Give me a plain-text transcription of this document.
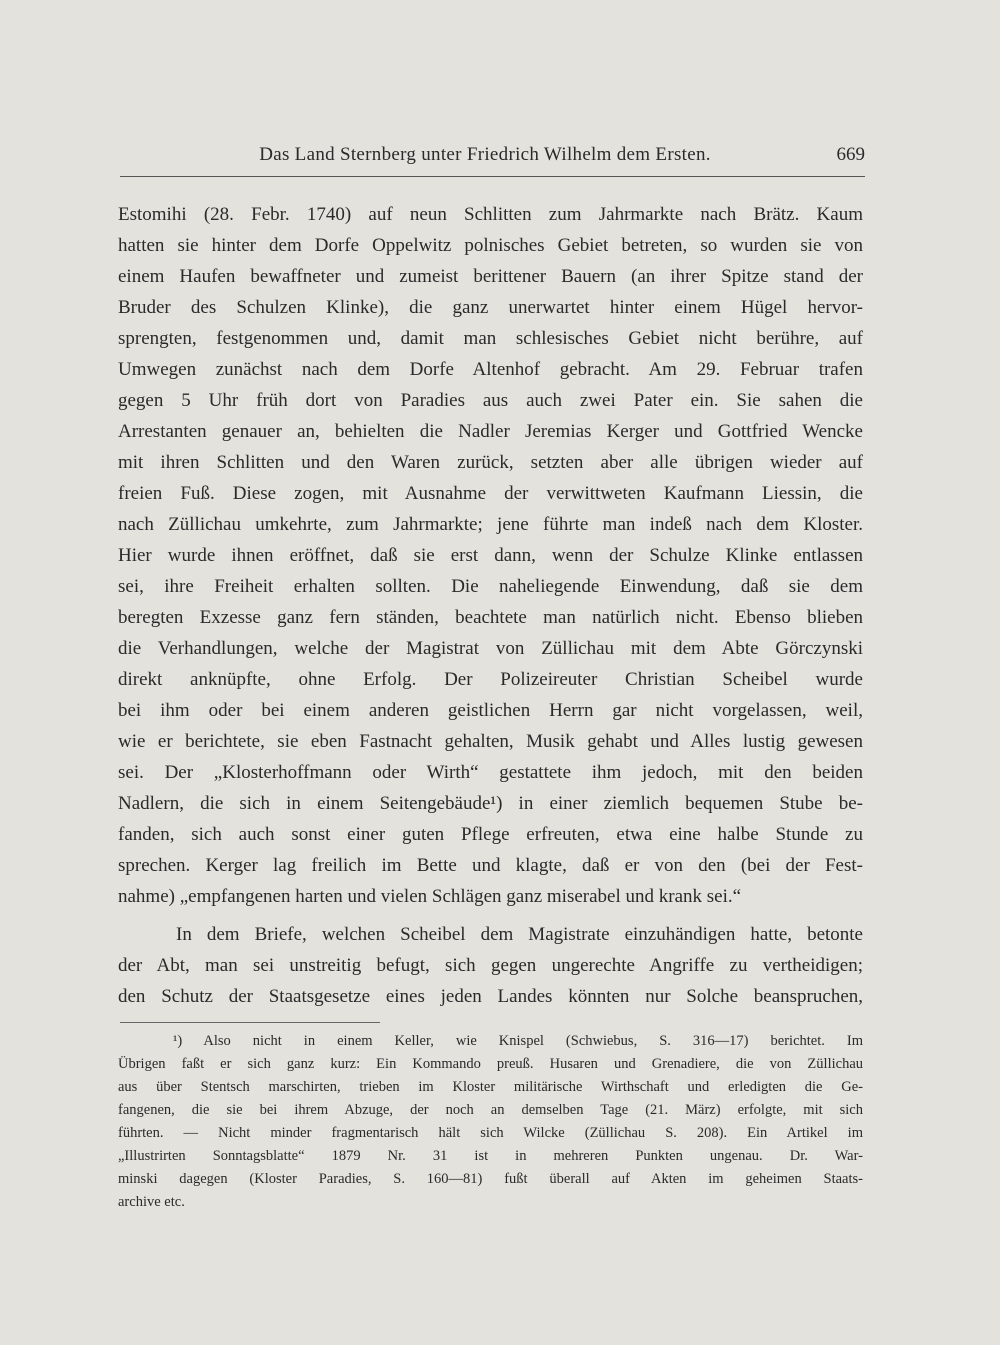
Das Land Sternberg unter Friedrich Wilhelm dem Ersten.	669
Estomihi (28. Febr. 1740) auf neun Schlitten zum Jahrmarkte nach Brätz. Kaum
hatten sie hinter dem Dorfe Oppelwitz polnisches Gebiet betreten, so wurden sie von
einem Haufen bewaffneter und zumeist berittener Bauern (an ihrer Spitze stand der
Bruder des Schulzen Klinke), die ganz unerwartet hinter einem Hügel hervor-
sprengten, festgenommen und, damit man schlesisches Gebiet nicht berühre, auf
Umwegen zunächst nach dem Dorfe Altenhof gebracht. Am 29. Februar trafen
gegen 5 Uhr früh dort von Paradies aus auch zwei Pater ein. Sie sahen die
Arrestanten genauer an, behielten die Nadler Jeremias Kerger und Gottfried Wencke
mit ihren Schlitten und den Waren zurück, setzten aber alle übrigen wieder auf
freien Fuß. Diese zogen, mit Ausnahme der verwittweten Kaufmann Liessin, die
nach Züllichau umkehrte, zum Jahrmarkte; jene führte man indeß nach dem Kloster.
Hier wurde ihnen eröffnet, daß sie erst dann, wenn der Schulze Klinke entlassen
sei, ihre Freiheit erhalten sollten. Die naheliegende Einwendung, daß sie dem
beregten Exzesse ganz fern ständen, beachtete man natürlich nicht. Ebenso blieben
die Verhandlungen, welche der Magistrat von Züllichau mit dem Abte Görczynski
direkt anknüpfte, ohne Erfolg. Der Polizeireuter Christian Scheibel wurde
bei ihm oder bei einem anderen geistlichen Herrn gar nicht vorgelassen, weil,
wie er berichtete, sie eben Fastnacht gehalten, Musik gehabt und Alles lustig gewesen
sei. Der „Klosterhoffmann oder Wirth“ gestattete ihm jedoch, mit den beiden
Nadlern, die sich in einem Seitengebäude¹) in einer ziemlich bequemen Stube be-
fanden, sich auch sonst einer guten Pflege erfreuten, etwa eine halbe Stunde zu
sprechen. Kerger lag freilich im Bette und klagte, daß er von den (bei der Fest-
nahme) „empfangenen harten und vielen Schlägen ganz miserabel und krank sei.“
In dem Briefe, welchen Scheibel dem Magistrate einzuhändigen hatte, betonte
der Abt, man sei unstreitig befugt, sich gegen ungerechte Angriffe zu vertheidigen;
den Schutz der Staatsgesetze eines jeden Landes könnten nur Solche beanspruchen,
¹) Also nicht in einem Keller, wie Knispel (Schwiebus, S. 316—17) berichtet. Im
Übrigen faßt er sich ganz kurz: Ein Kommando preuß. Husaren und Grenadiere, die von Züllichau
aus über Stentsch marschirten, trieben im Kloster militärische Wirthschaft und erledigten die Ge-
fangenen, die sie bei ihrem Abzuge, der noch an demselben Tage (21. März) erfolgte, mit sich
führten. — Nicht minder fragmentarisch hält sich Wilcke (Züllichau S. 208). Ein Artikel im
„Illustrirten Sonntagsblatte“ 1879 Nr. 31 ist in mehreren Punkten ungenau. Dr. War-
minski dagegen (Kloster Paradies, S. 160—81) fußt überall auf Akten im geheimen Staats-
archive etc.
